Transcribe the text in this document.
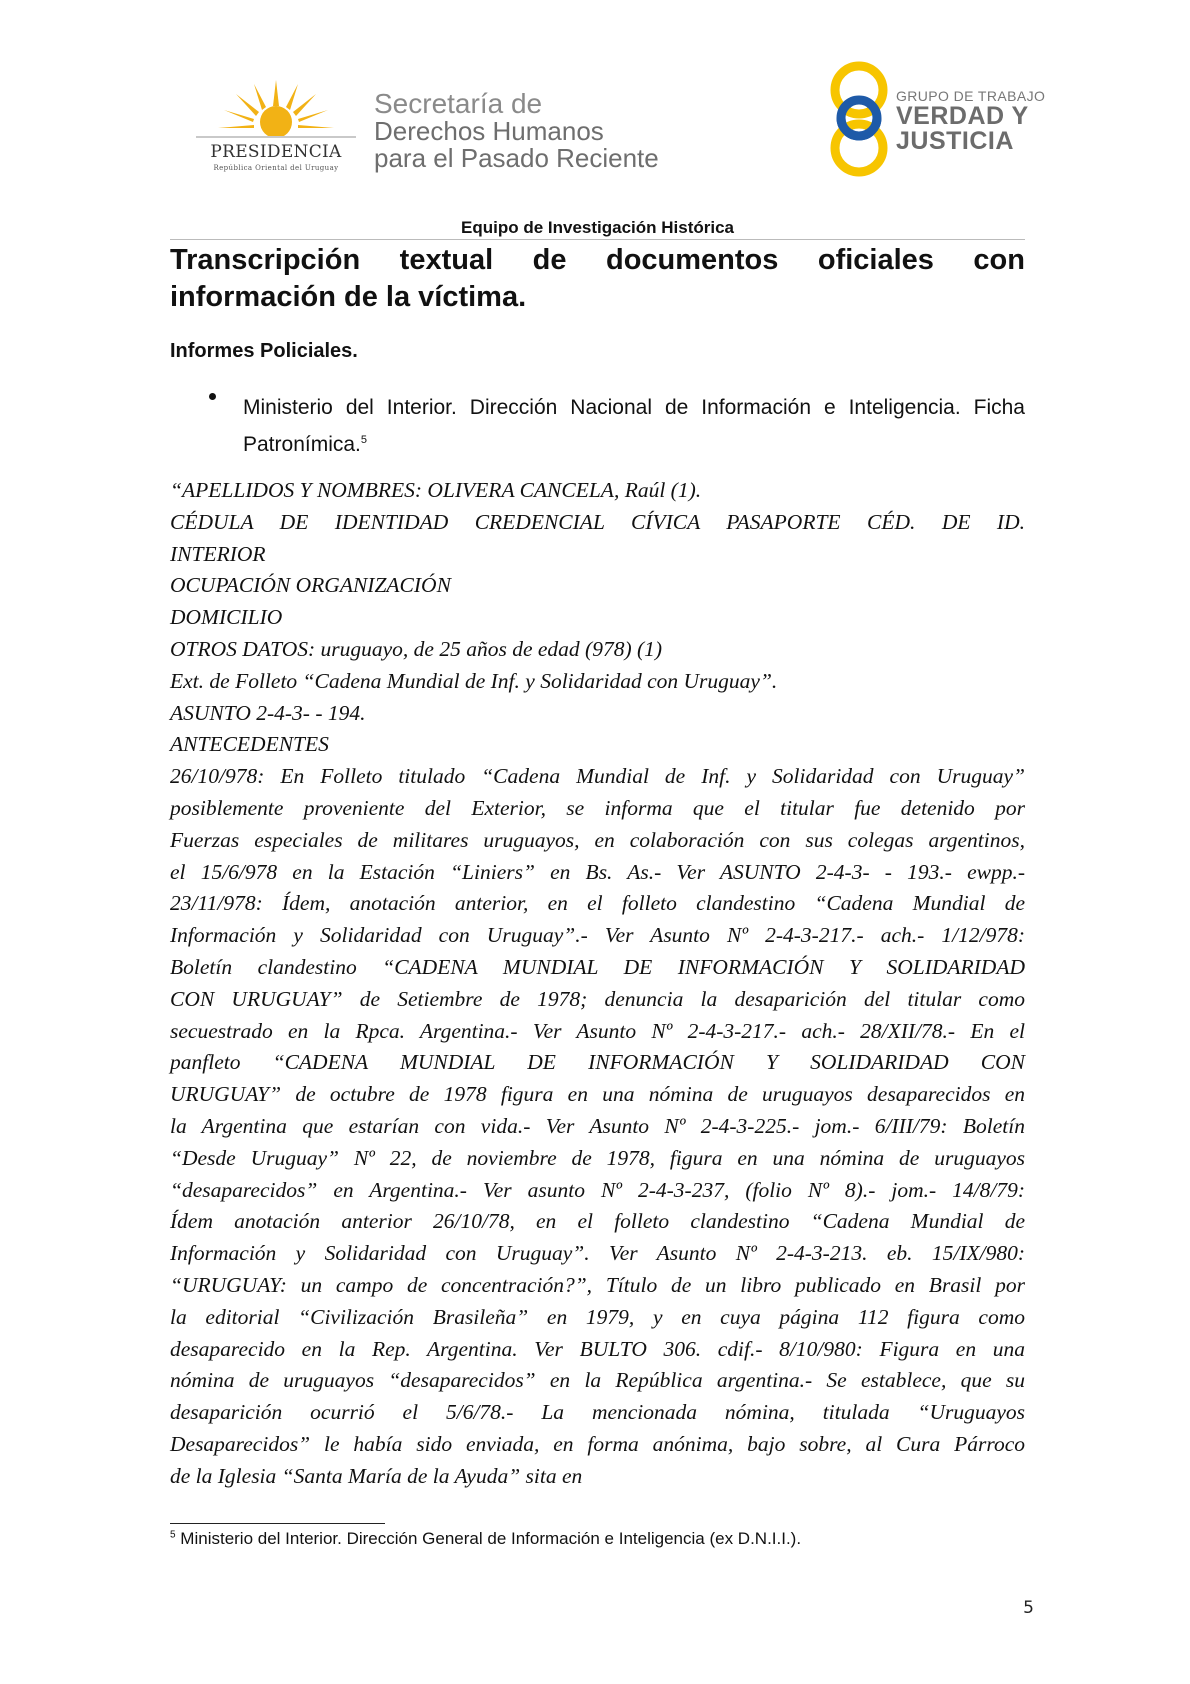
PRESIDENCIA
República Oriental del Uruguay
Secretaría de
Derechos Humanos
para el Pasado Reciente
GRUPO DE TRABAJO
VERDAD Y
JUSTICIA
Equipo de Investigación Histórica
Transcripción textual de documentos oficiales con información de la víctima.
Informes Policiales.

Ministerio del Interior. Dirección Nacional de Información e Inteligencia. Ficha Patronímica.$^5$

“APELLIDOS Y NOMBRES: OLIVERA CANCELA, Raúl (1).
CÉDULA DE IDENTIDAD CREDENCIAL CÍVICA PASAPORTE CÉD. DE ID.
INTERIOR
OCUPACIÓN ORGANIZACIÓN
DOMICILIO
OTROS DATOS: uruguayo, de 25 años de edad (978) (1)
Ext. de Folleto “Cadena Mundial de Inf. y Solidaridad con Uruguay”.
ASUNTO 2-4-3- - 194.
ANTECEDENTES
26/10/978: En Folleto titulado “Cadena Mundial de Inf. y Solidaridad con Uruguay”
posiblemente proveniente del Exterior, se informa que el titular fue detenido por
Fuerzas especiales de militares uruguayos, en colaboración con sus colegas argentinos,
el 15/6/978 en la Estación “Liniers” en Bs. As.- Ver ASUNTO 2-4-3- - 193.- ewpp.-
23/11/978: Ídem, anotación anterior, en el folleto clandestino “Cadena Mundial de
Información y Solidaridad con Uruguay”.- Ver Asunto Nº 2-4-3-217.- ach.- 1/12/978:
Boletín clandestino “CADENA MUNDIAL DE INFORMACIÓN Y SOLIDARIDAD
CON URUGUAY” de Setiembre de 1978; denuncia la desaparición del titular como
secuestrado en la Rpca. Argentina.- Ver Asunto Nº 2-4-3-217.- ach.- 28/XII/78.- En el
panfleto “CADENA MUNDIAL DE INFORMACIÓN Y SOLIDARIDAD CON
URUGUAY” de octubre de 1978 figura en una nómina de uruguayos desaparecidos en
la Argentina que estarían con vida.- Ver Asunto Nº 2-4-3-225.- jom.- 6/III/79: Boletín
“Desde Uruguay” Nº 22, de noviembre de 1978, figura en una nómina de uruguayos
“desaparecidos” en Argentina.- Ver asunto Nº 2-4-3-237, (folio Nº 8).- jom.- 14/8/79:
Ídem anotación anterior 26/10/78, en el folleto clandestino “Cadena Mundial de
Información y Solidaridad con Uruguay”. Ver Asunto Nº 2-4-3-213. eb. 15/IX/980:
“URUGUAY: un campo de concentración?”, Título de un libro publicado en Brasil por
la editorial “Civilización Brasileña” en 1979, y en cuya página 112 figura como
desaparecido en la Rep. Argentina. Ver BULTO 306. cdif.- 8/10/980: Figura en una
nómina de uruguayos “desaparecidos” en la República argentina.- Se establece, que su
desaparición ocurrió el 5/6/78.- La mencionada nómina, titulada “Uruguayos
Desaparecidos” le había sido enviada, en forma anónima, bajo sobre, al Cura Párroco
de la Iglesia “Santa María de la Ayuda” sita en

$^5$ Ministerio del Interior. Dirección General de Información e Inteligencia (ex D.N.I.I.).

5
